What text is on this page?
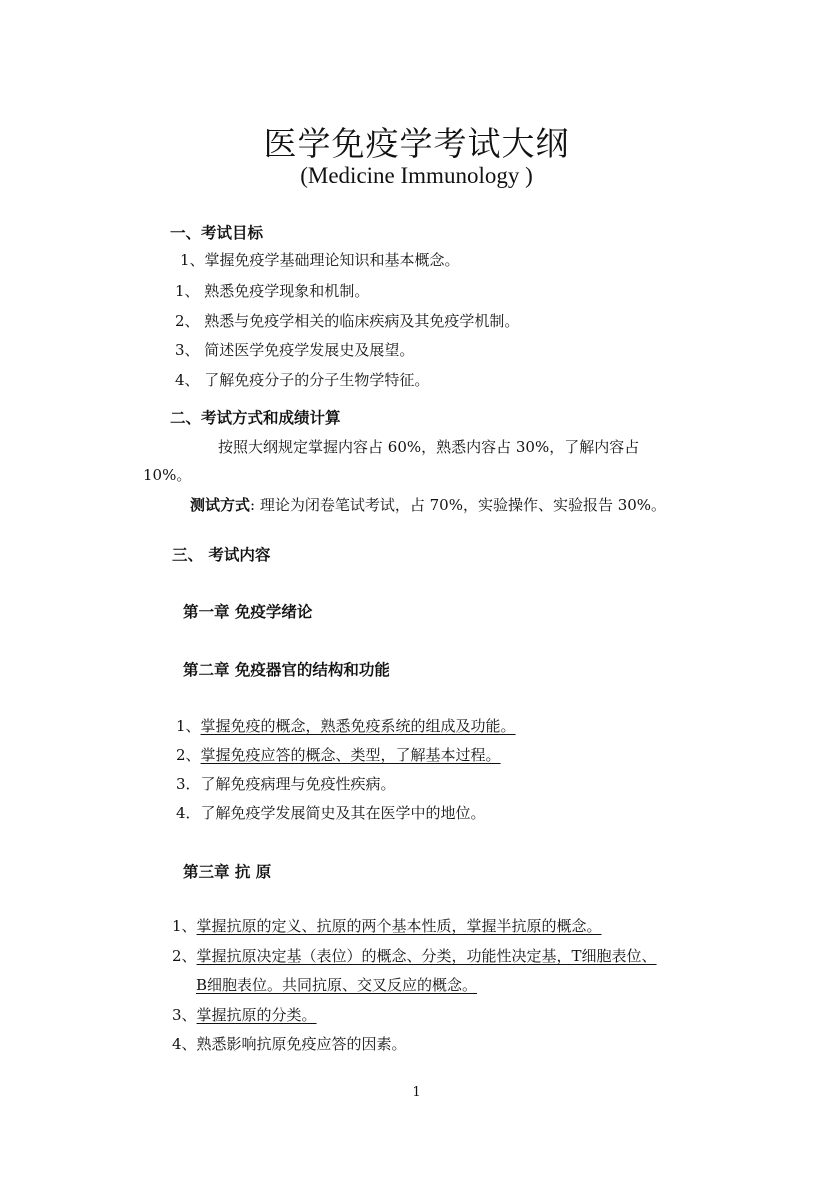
医学免疫学考试大纲
(Medicine Immunology )
一、考试目标
1、掌握免疫学基础理论知识和基本概念。
1、 熟悉免疫学现象和机制。
2、 熟悉与免疫学相关的临床疾病及其免疫学机制。
3、 简述医学免疫学发展史及展望。
4、 了解免疫分子的分子生物学特征。
二、考试方式和成绩计算
按照大纲规定掌握内容占 60%，熟悉内容占 30%，了解内容占
10%。
测试方式: 理论为闭卷笔试考试，占 70%，实验操作、实验报告 30%。
三、 考试内容
第一章 免疫学绪论
第二章 免疫器官的结构和功能
1、掌握免疫的概念，熟悉免疫系统的组成及功能。
2、掌握免疫应答的概念、类型，了解基本过程。
3．了解免疫病理与免疫性疾病。
4．了解免疫学发展简史及其在医学中的地位。
第三章 抗 原
1、掌握抗原的定义、抗原的两个基本性质，掌握半抗原的概念。
2、掌握抗原决定基（表位）的概念、分类，功能性决定基，T细胞表位、
B细胞表位。共同抗原、交叉反应的概念。
3、掌握抗原的分类。
4、熟悉影响抗原免疫应答的因素。
1
